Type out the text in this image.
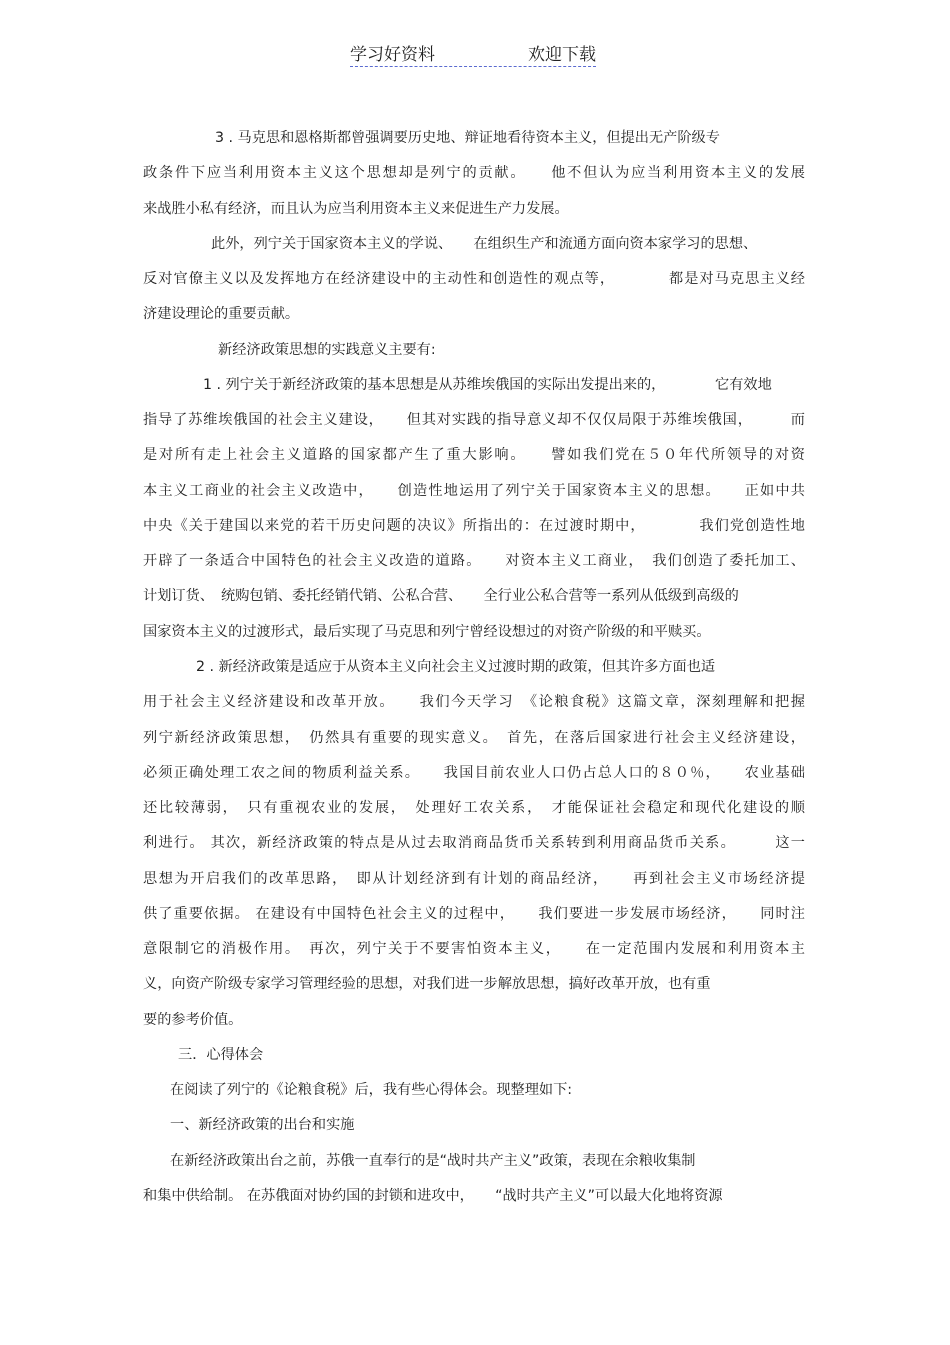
学习好资料	欢迎下载
3 . 马克思和恩格斯都曾强调要历史地、辩证地看待资本主义，但提出无产阶级专
政条件下应当利用资本主义这个思想却是列宁的贡献。　　他不但认为应当利用资本主义的发展
来战胜小私有经济，而且认为应当利用资本主义来促进生产力发展。
此外，列宁关于国家资本主义的学说、　　在组织生产和流通方面向资本家学习的思想、
反对官僚主义以及发挥地方在经济建设中的主动性和创造性的观点等，　　　　都是对马克思主义经
济建设理论的重要贡献。
新经济政策思想的实践意义主要有:
1 . 列宁关于新经济政策的基本思想是从苏维埃俄国的实际出发提出来的，　　　　它有效地
指导了苏维埃俄国的社会主义建设，　　但其对实践的指导意义却不仅仅局限于苏维埃俄国，　　　而
是对所有走上社会主义道路的国家都产生了重大影响。　　譬如我们党在５０年代所领导的对资
本主义工商业的社会主义改造中，　　创造性地运用了列宁关于国家资本主义的思想。　　正如中共
中央《关于建国以来党的若干历史问题的决议》所指出的：在过渡时期中，　　　　我们党创造性地
开辟了一条适合中国特色的社会主义改造的道路。　　对资本主义工商业，　我们创造了委托加工、
计划订货、　统购包销、委托经销代销、公私合营、　　全行业公私合营等一系列从低级到高级的
国家资本主义的过渡形式，最后实现了马克思和列宁曾经设想过的对资产阶级的和平赎买。
2 . 新经济政策是适应于从资本主义向社会主义过渡时期的政策，但其许多方面也适
用于社会主义经济建设和改革开放。　　我们今天学习　《论粮食税》这篇文章，深刻理解和把握
列宁新经济政策思想，　仍然具有重要的现实意义。　首先，在落后国家进行社会主义经济建设，
必须正确处理工农之间的物质利益关系。　　我国目前农业人口仍占总人口的８０％，　　农业基础
还比较薄弱，　只有重视农业的发展，　处理好工农关系，　才能保证社会稳定和现代化建设的顺
利进行。 其次，新经济政策的特点是从过去取消商品货币关系转到利用商品货币关系。　　　这一
思想为开启我们的改革思路，　即从计划经济到有计划的商品经济，　　再到社会主义市场经济提
供了重要依据。 在建设有中国特色社会主义的过程中，　　我们要进一步发展市场经济，　　同时注
意限制它的消极作用。　再次，列宁关于不要害怕资本主义，　　在一定范围内发展和利用资本主
义，向资产阶级专家学习管理经验的思想，对我们进一步解放思想，搞好改革开放，也有重
要的参考价值。
三．心得体会
在阅读了列宁的《论粮食税》后，我有些心得体会。现整理如下:
一、新经济政策的出台和实施
在新经济政策出台之前，苏俄一直奉行的是“战时共产主义”政策，表现在余粮收集制
和集中供给制。 在苏俄面对协约国的封锁和进攻中，　　“战时共产主义”可以最大化地将资源
